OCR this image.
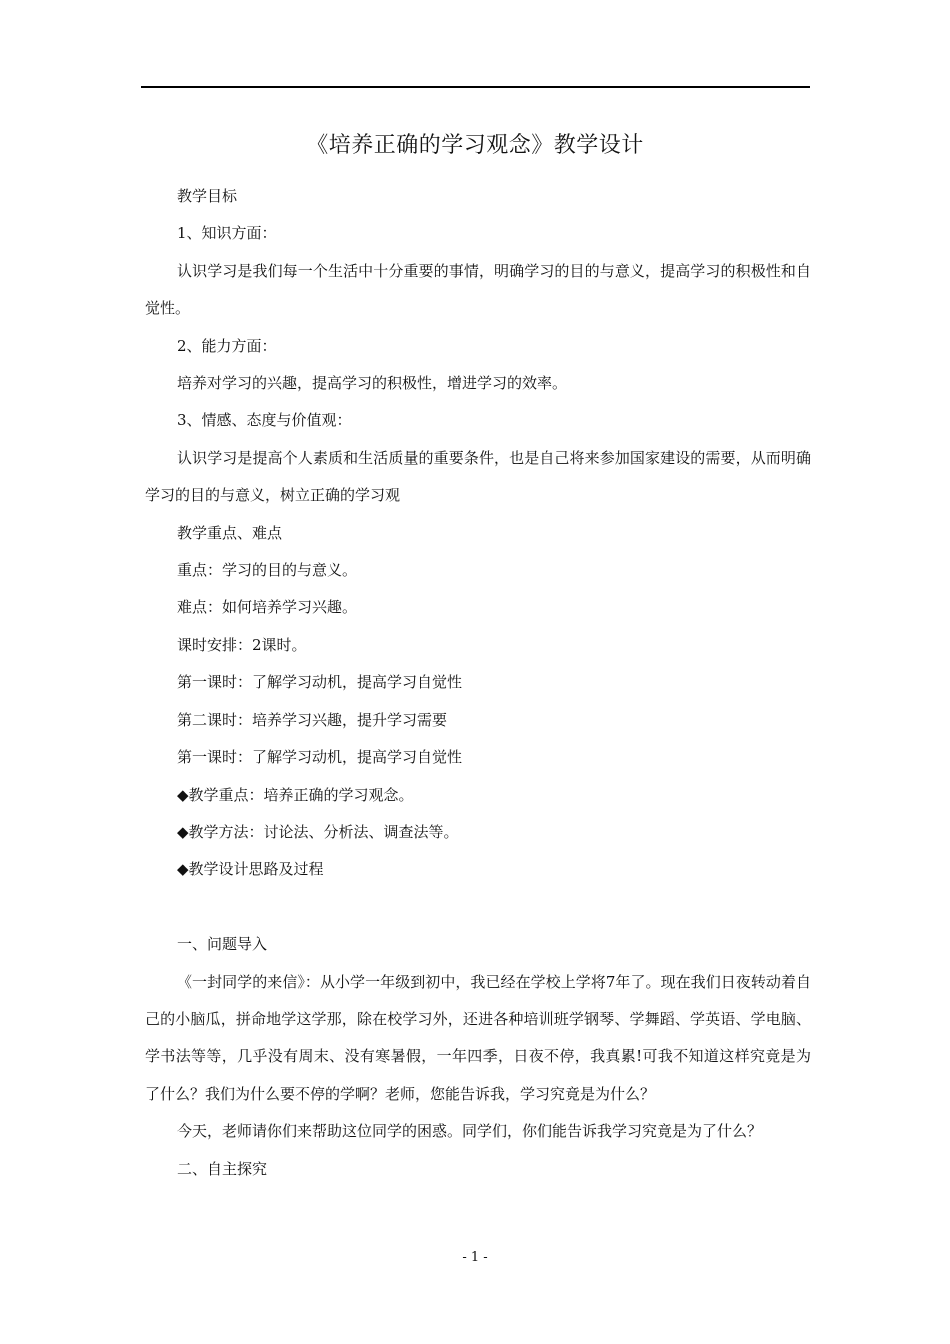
《培养正确的学习观念》教学设计

教学目标

1、知识方面：

认识学习是我们每一个生活中十分重要的事情，明确学习的目的与意义，提高学习的积极性和自觉性。

2、能力方面：

培养对学习的兴趣，提高学习的积极性，增进学习的效率。

3、情感、态度与价值观：

认识学习是提高个人素质和生活质量的重要条件，也是自己将来参加国家建设的需要，从而明确学习的目的与意义，树立正确的学习观

教学重点、难点

重点：学习的目的与意义。

难点：如何培养学习兴趣。

课时安排：2课时。

第一课时：了解学习动机，提高学习自觉性

第二课时：培养学习兴趣，提升学习需要

第一课时：了解学习动机，提高学习自觉性

◆教学重点：培养正确的学习观念。

◆教学方法：讨论法、分析法、调查法等。

◆教学设计思路及过程

一、问题导入

《一封同学的来信》：从小学一年级到初中，我已经在学校上学将7年了。现在我们日夜转动着自己的小脑瓜，拼命地学这学那，除在校学习外，还进各种培训班学钢琴、学舞蹈、学英语、学电脑、学书法等等，几乎没有周末、没有寒暑假，一年四季，日夜不停，我真累!可我不知道这样究竟是为了什么？我们为什么要不停的学啊？老师，您能告诉我，学习究竟是为什么？

今天，老师请你们来帮助这位同学的困惑。同学们，你们能告诉我学习究竟是为了什么？

二、自主探究

- 1 -
